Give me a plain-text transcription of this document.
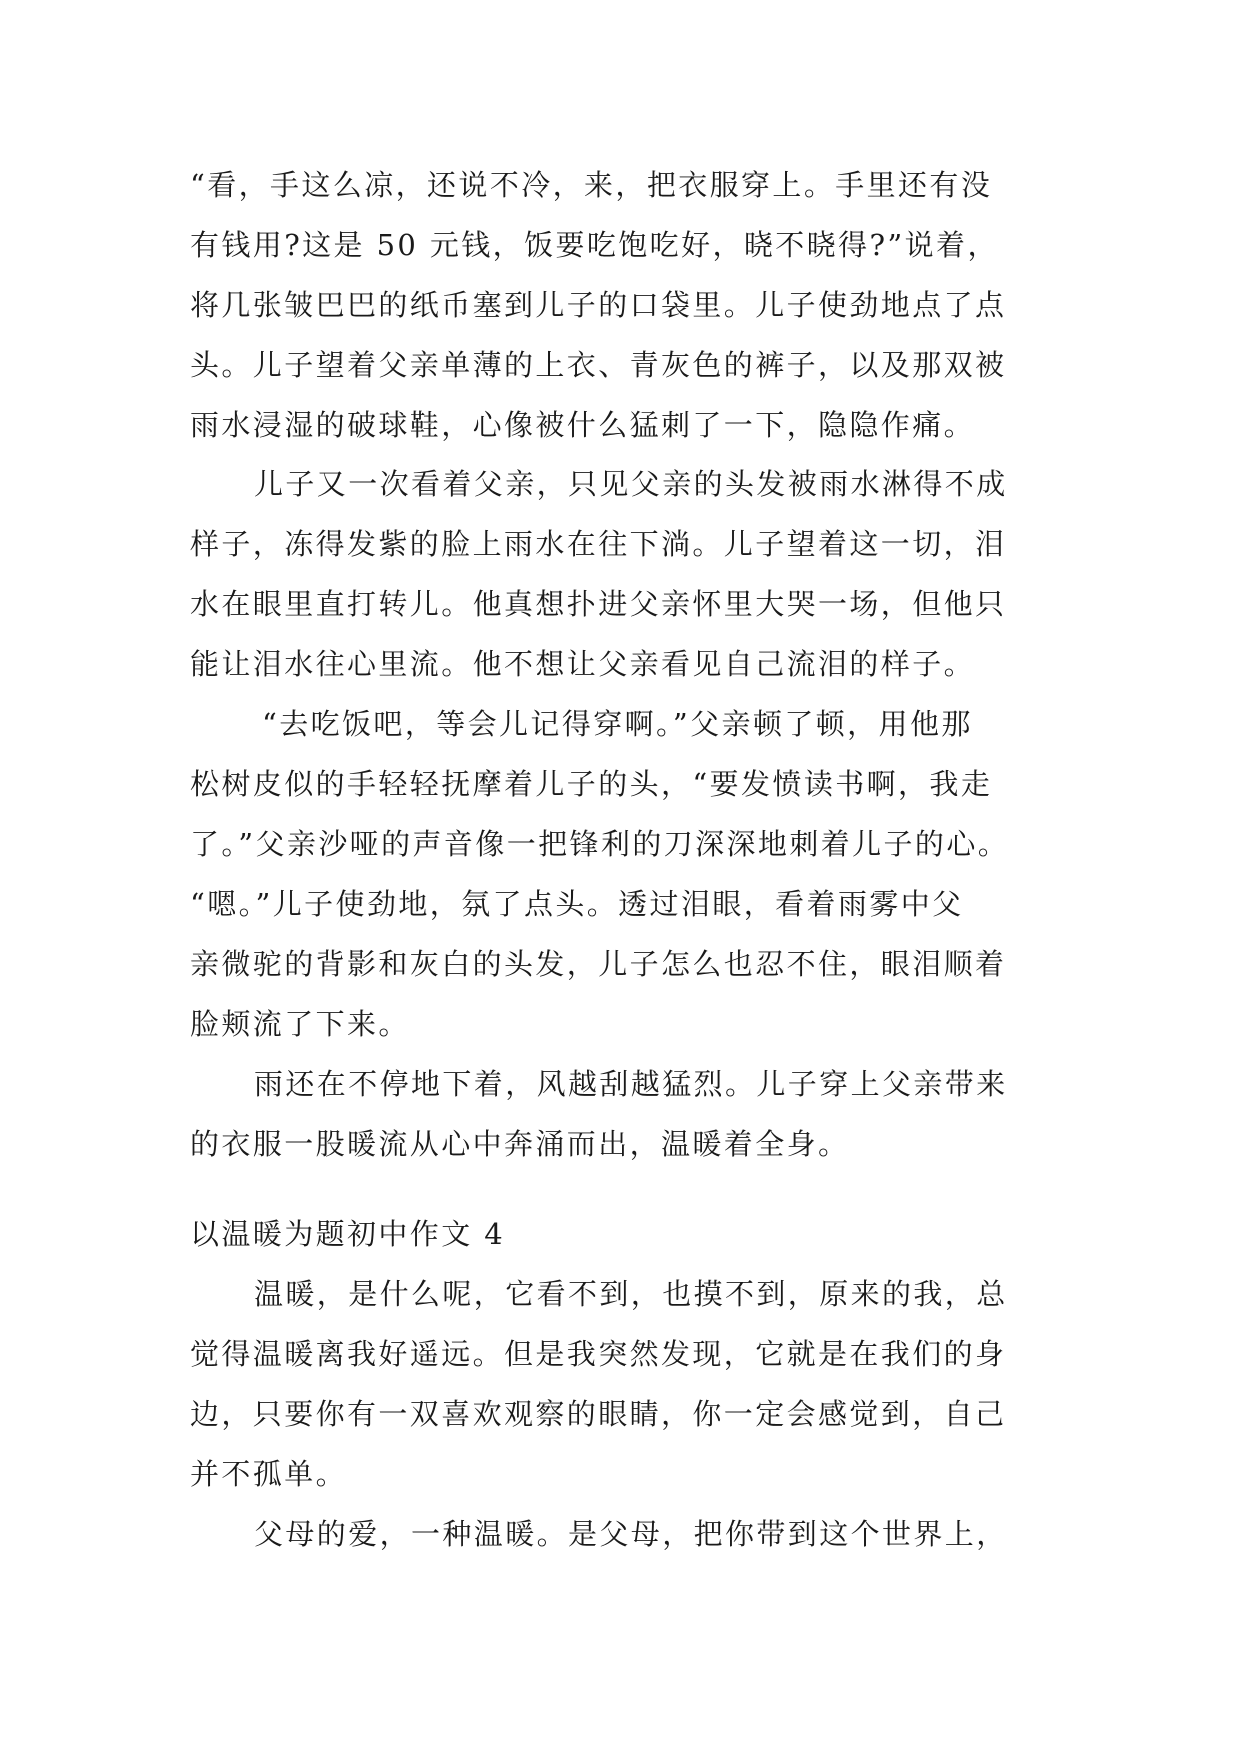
“看，手这么凉，还说不冷，来，把衣服穿上。手里还有没
有钱用?这是 50 元钱，饭要吃饱吃好，晓不晓得?”说着，
将几张皱巴巴的纸币塞到儿子的口袋里。儿子使劲地点了点
头。儿子望着父亲单薄的上衣、青灰色的裤子，以及那双被
雨水浸湿的破球鞋，心像被什么猛刺了一下，隐隐作痛。
儿子又一次看着父亲，只见父亲的头发被雨水淋得不成
样子，冻得发紫的脸上雨水在往下淌。儿子望着这一切，泪
水在眼里直打转儿。他真想扑进父亲怀里大哭一场，但他只
能让泪水往心里流。他不想让父亲看见自己流泪的样子。
“去吃饭吧，等会儿记得穿啊。”父亲顿了顿，用他那
松树皮似的手轻轻抚摩着儿子的头，“要发愤读书啊，我走
了。”父亲沙哑的声音像一把锋利的刀深深地刺着儿子的心。
“嗯。”儿子使劲地，氛了点头。透过泪眼，看着雨雾中父
亲微驼的背影和灰白的头发，儿子怎么也忍不住，眼泪顺着
脸颊流了下来。
雨还在不停地下着，风越刮越猛烈。儿子穿上父亲带来
的衣服一股暖流从心中奔涌而出，温暖着全身。
以温暖为题初中作文 4
温暖，是什么呢，它看不到，也摸不到，原来的我，总
觉得温暖离我好遥远。但是我突然发现，它就是在我们的身
边，只要你有一双喜欢观察的眼睛，你一定会感觉到，自己
并不孤单。
父母的爱，一种温暖。是父母，把你带到这个世界上，
